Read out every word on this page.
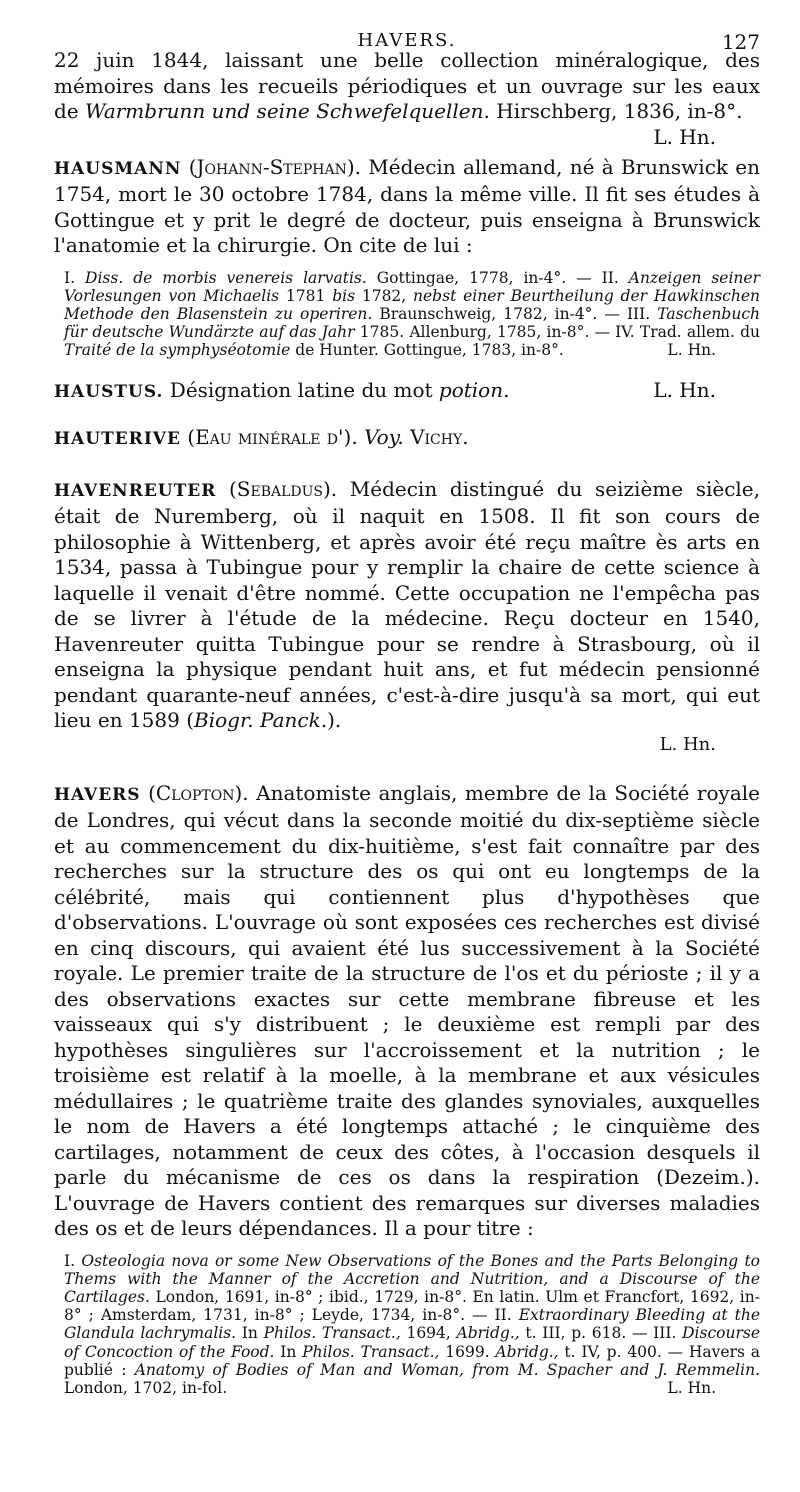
HAVERS.	127

22 juin 1844, laissant une belle collection minéralogique, des mémoires dans les recueils périodiques et un ouvrage sur les eaux de Warmbrunn und seine Schwefelquellen. Hirschberg, 1836, in-8°.
L. Hn.

HAUSMANN (Johann-Stephan). Médecin allemand, né à Brunswick en 1754, mort le 30 octobre 1784, dans la même ville. Il fit ses études à Gottingue et y prit le degré de docteur, puis enseigna à Brunswick l'anatomie et la chirurgie. On cite de lui :

I. Diss. de morbis venereis larvatis. Gottingae, 1778, in-4°. — II. Anzeigen seiner Vorlesungen von Michaelis 1781 bis 1782, nebst einer Beurtheilung der Hawkinschen Methode den Blasenstein zu operiren. Braunschweig, 1782, in-4°. — III. Taschenbuch für deutsche Wundärzte auf das Jahr 1785. Allenburg, 1785, in-8°. — IV. Trad. allem. du Traité de la symphyséotomie de Hunter. Gottingue, 1783, in-8°.	L. Hn.

HAUSTUS. Désignation latine du mot potion.	L. Hn.

HAUTERIVE (Eau minérale d'). Voy. Vichy.

HAVENREUTER (Sebaldus). Médecin distingué du seizième siècle, était de Nuremberg, où il naquit en 1508. Il fit son cours de philosophie à Wittenberg, et après avoir été reçu maître ès arts en 1534, passa à Tubingue pour y remplir la chaire de cette science à laquelle il venait d'être nommé. Cette occupation ne l'empêcha pas de se livrer à l'étude de la médecine. Reçu docteur en 1540, Havenreuter quitta Tubingue pour se rendre à Strasbourg, où il enseigna la physique pendant huit ans, et fut médecin pensionné pendant quarante-neuf années, c'est-à-dire jusqu'à sa mort, qui eut lieu en 1589 (Biogr. Panck.).

L. Hn.

HAVERS (Clopton). Anatomiste anglais, membre de la Société royale de Londres, qui vécut dans la seconde moitié du dix-septième siècle et au commencement du dix-huitième, s'est fait connaître par des recherches sur la structure des os qui ont eu longtemps de la célébrité, mais qui contiennent plus d'hypothèses que d'observations. L'ouvrage où sont exposées ces recherches est divisé en cinq discours, qui avaient été lus successivement à la Société royale. Le premier traite de la structure de l'os et du périoste ; il y a des observations exactes sur cette membrane fibreuse et les vaisseaux qui s'y distribuent ; le deuxième est rempli par des hypothèses singulières sur l'accroissement et la nutrition ; le troisième est relatif à la moelle, à la membrane et aux vésicules médullaires ; le quatrième traite des glandes synoviales, auxquelles le nom de Havers a été longtemps attaché ; le cinquième des cartilages, notamment de ceux des côtes, à l'occasion desquels il parle du mécanisme de ces os dans la respiration (Dezeim.). L'ouvrage de Havers contient des remarques sur diverses maladies des os et de leurs dépendances. Il a pour titre :

I. Osteologia nova or some New Observations of the Bones and the Parts Belonging to Thems with the Manner of the Accretion and Nutrition, and a Discourse of the Cartilages. London, 1691, in-8° ; ibid., 1729, in-8°. En latin. Ulm et Francfort, 1692, in-8° ; Amsterdam, 1731, in-8° ; Leyde, 1734, in-8°. — II. Extraordinary Bleeding at the Glandula lachrymalis. In Philos. Transact., 1694, Abridg., t. III, p. 618. — III. Discourse of Concoction of the Food. In Philos. Transact., 1699. Abridg., t. IV, p. 400. — Havers a publié : Anatomy of Bodies of Man and Woman, from M. Spacher and J. Remmelin. London, 1702, in-fol.	L. Hn.
